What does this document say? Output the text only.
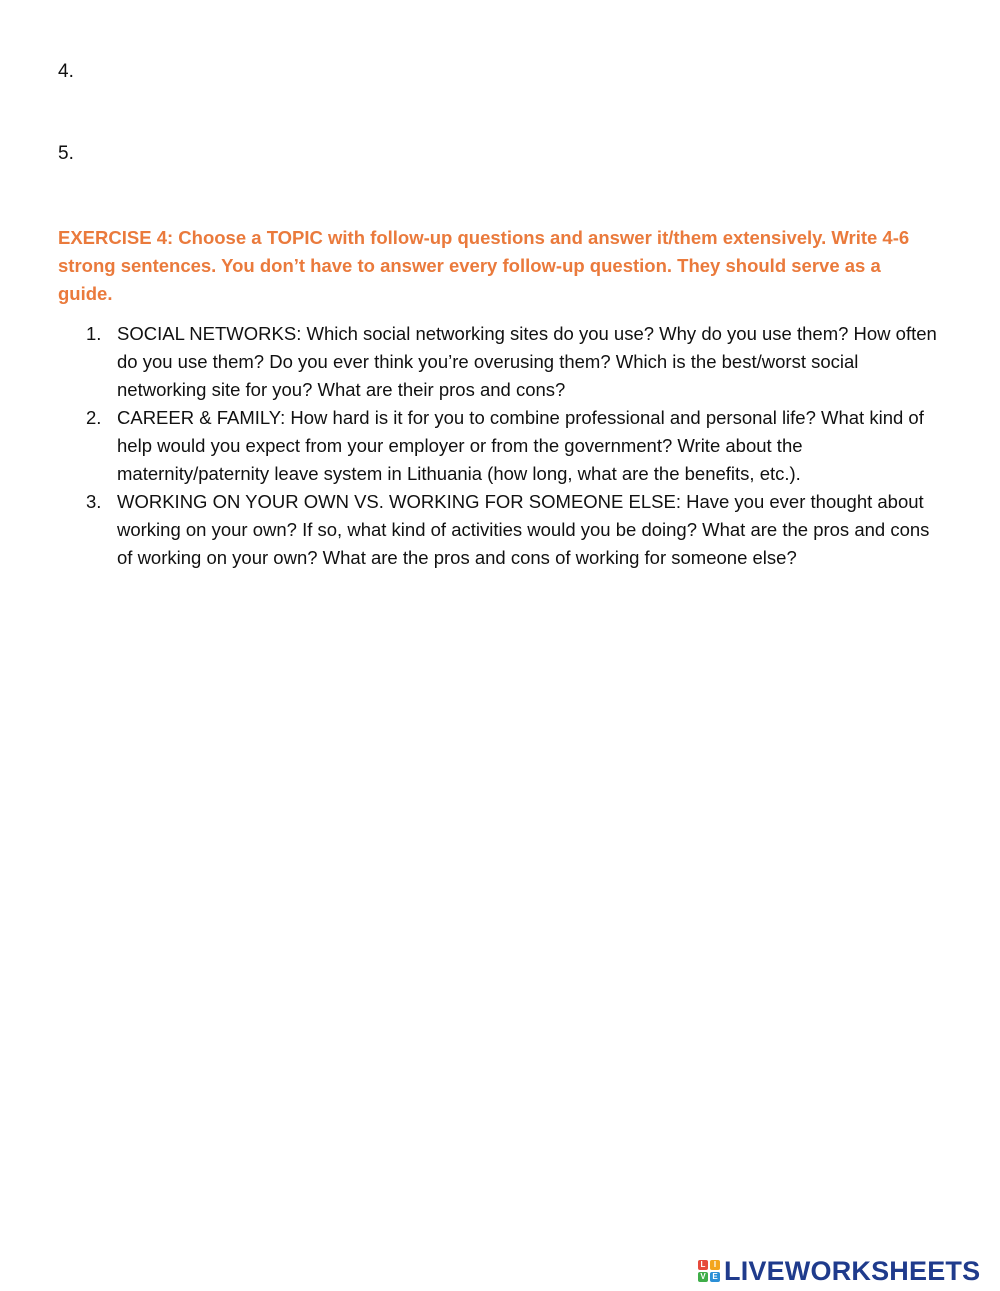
4.
5.

EXERCISE 4: Choose a TOPIC with follow-up questions and answer it/them extensively. Write 4-6 strong sentences. You don’t have to answer every follow-up question. They should serve as a guide.

1. SOCIAL NETWORKS: Which social networking sites do you use? Why do you use them? How often do you use them? Do you ever think you’re overusing them? Which is the best/worst social networking site for you? What are their pros and cons?
2. CAREER & FAMILY: How hard is it for you to combine professional and personal life? What kind of help would you expect from your employer or from the government? Write about the maternity/paternity leave system in Lithuania (how long, what are the benefits, etc.).
3. WORKING ON YOUR OWN VS. WORKING FOR SOMEONE ELSE: Have you ever thought about working on your own? If so, what kind of activities would you be doing? What are the pros and cons of working on your own? What are the pros and cons of working for someone else?
L	I
V E LIVEWORKSHEETS
